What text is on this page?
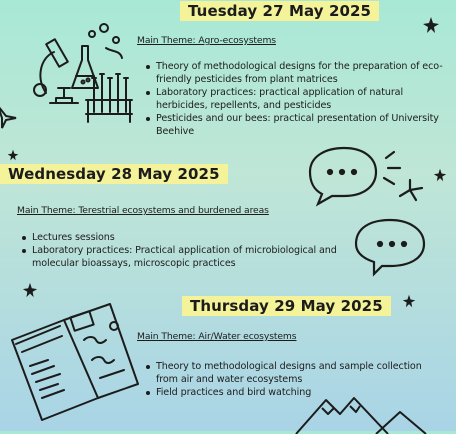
Tuesday 27 May 2025
Main Theme: Agro-ecosystems
Theory of methodological designs for the preparation of eco-friendly pesticides from plant matrices
Laboratory practices: practical application of natural herbicides, repellents, and pesticides
Pesticides and our bees: practical presentation of University Beehive
Wednesday 28 May 2025
Main Theme: Terestrial ecosystems and burdened areas
Lectures sessions
Laboratory practices: Practical application of microbiological and molecular bioassays, microscopic practices
Thursday 29 May 2025
Main Theme: Air/Water ecosystems
Theory to methodological designs and sample collection from air and water ecosystems
Field practices and bird watching
